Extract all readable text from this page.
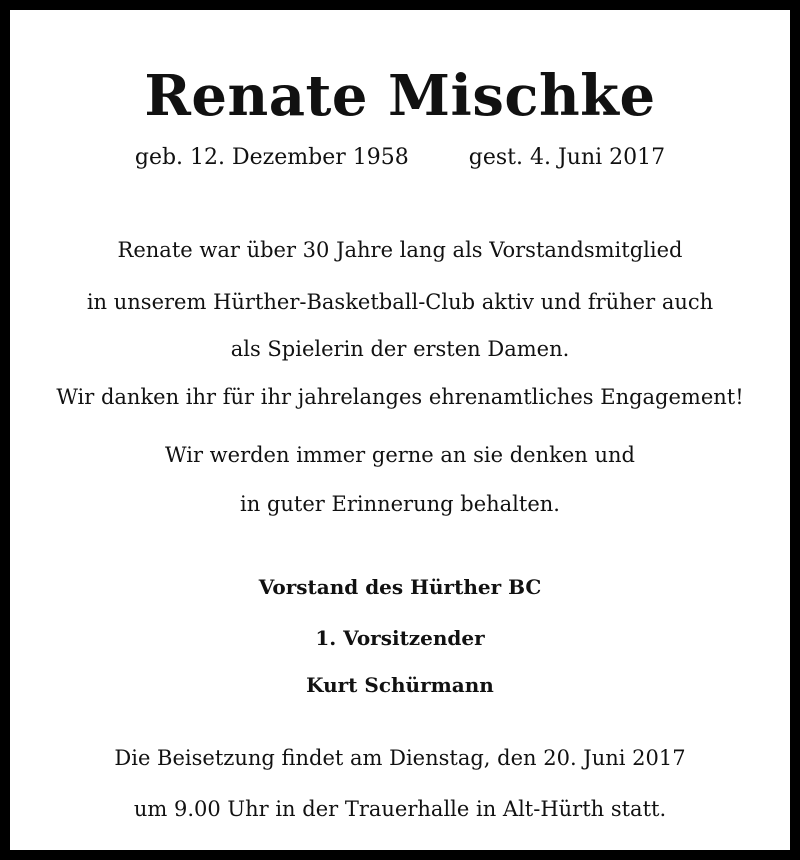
Renate Mischke
geb. 12. Dezember 1958	gest. 4. Juni 2017

Renate war über 30 Jahre lang als Vorstandsmitglied

in unserem Hürther-Basketball-Club aktiv und früher auch

als Spielerin der ersten Damen.

Wir danken ihr für ihr jahrelanges ehrenamtliches Engagement!

Wir werden immer gerne an sie denken und

in guter Erinnerung behalten.

Vorstand des Hürther BC

1. Vorsitzender

Kurt Schürmann

Die Beisetzung findet am Dienstag, den 20. Juni 2017

um 9.00 Uhr in der Trauerhalle in Alt-Hürth statt.
